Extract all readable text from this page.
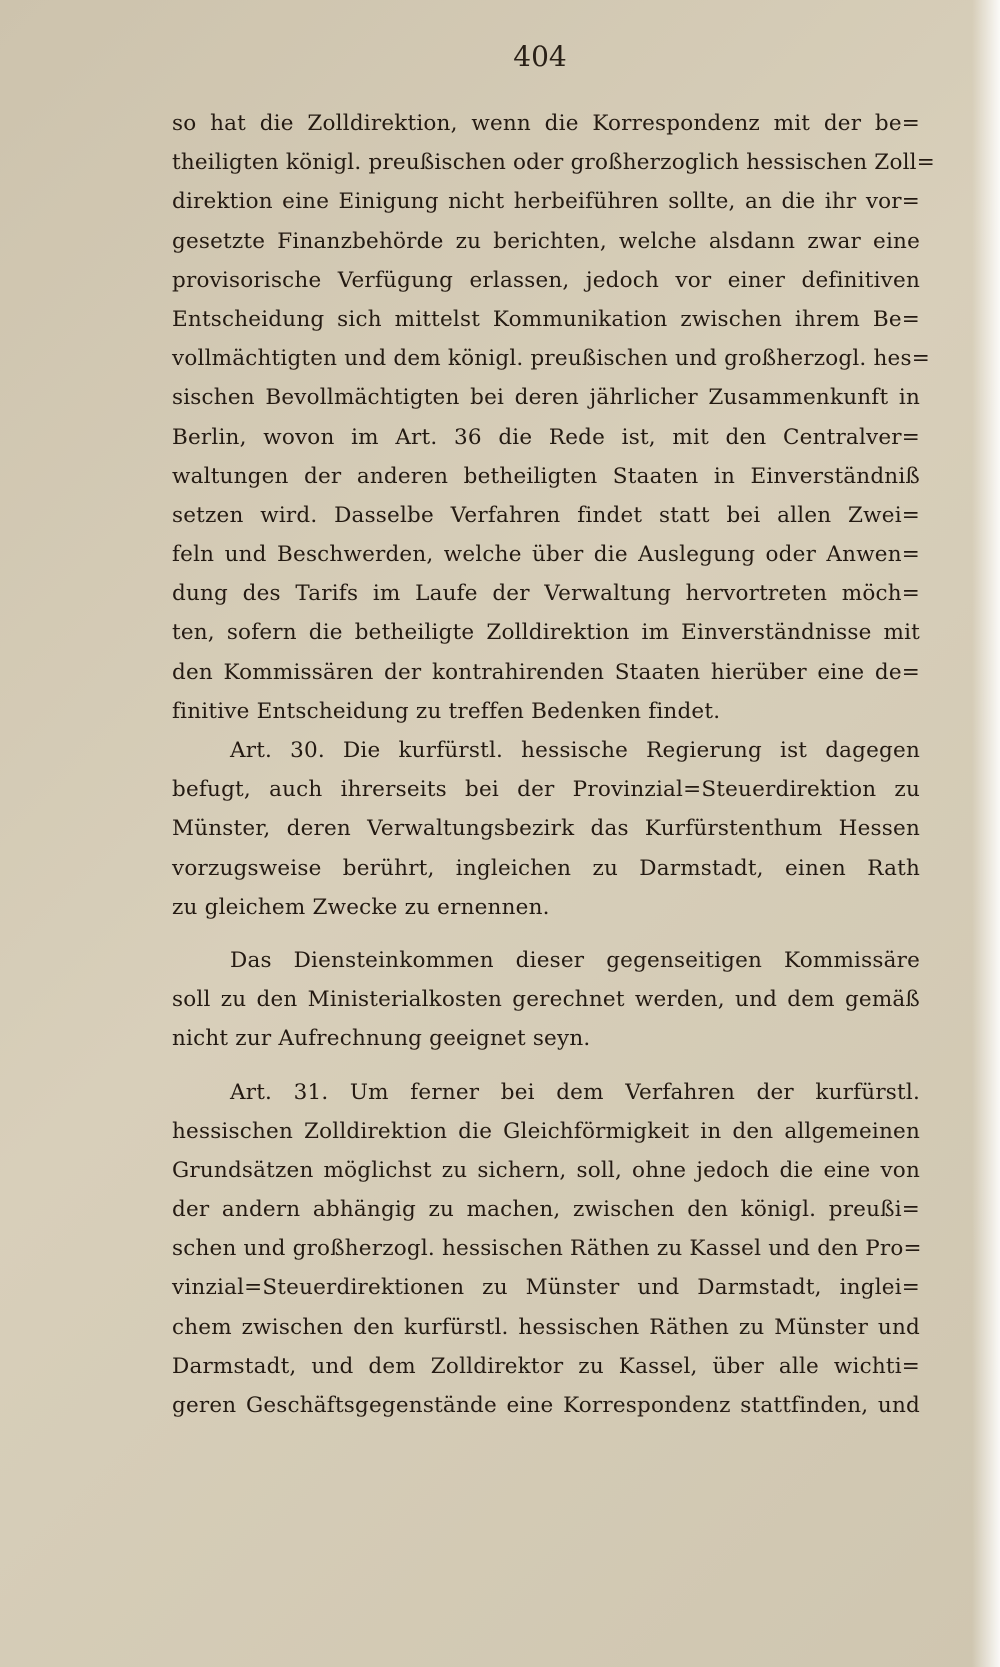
404
so hat die Zolldirektion, wenn die Korrespondenz mit der be=
theiligten königl. preußischen oder großherzoglich hessischen Zoll=
direktion eine Einigung nicht herbeiführen sollte, an die ihr vor=
gesetzte Finanzbehörde zu berichten, welche alsdann zwar eine
provisorische Verfügung erlassen, jedoch vor einer definitiven
Entscheidung sich mittelst Kommunikation zwischen ihrem Be=
vollmächtigten und dem königl. preußischen und großherzogl. hes=
sischen Bevollmächtigten bei deren jährlicher Zusammenkunft in
Berlin, wovon im Art. 36 die Rede ist, mit den Centralver=
waltungen der anderen betheiligten Staaten in Einverständniß
setzen wird. Dasselbe Verfahren findet statt bei allen Zwei=
feln und Beschwerden, welche über die Auslegung oder Anwen=
dung des Tarifs im Laufe der Verwaltung hervortreten möch=
ten, sofern die betheiligte Zolldirektion im Einverständnisse mit
den Kommissären der kontrahirenden Staaten hierüber eine de=
finitive Entscheidung zu treffen Bedenken findet.
Art. 30. Die kurfürstl. hessische Regierung ist dagegen
befugt, auch ihrerseits bei der Provinzial=Steuerdirektion zu
Münster, deren Verwaltungsbezirk das Kurfürstenthum Hessen
vorzugsweise berührt, ingleichen zu Darmstadt, einen Rath
zu gleichem Zwecke zu ernennen.
Das Diensteinkommen dieser gegenseitigen Kommissäre
soll zu den Ministerialkosten gerechnet werden, und dem gemäß
nicht zur Aufrechnung geeignet seyn.
Art. 31. Um ferner bei dem Verfahren der kurfürstl.
hessischen Zolldirektion die Gleichförmigkeit in den allgemeinen
Grundsätzen möglichst zu sichern, soll, ohne jedoch die eine von
der andern abhängig zu machen, zwischen den königl. preußi=
schen und großherzogl. hessischen Räthen zu Kassel und den Pro=
vinzial=Steuerdirektionen zu Münster und Darmstadt, inglei=
chem zwischen den kurfürstl. hessischen Räthen zu Münster und
Darmstadt, und dem Zolldirektor zu Kassel, über alle wichti=
geren Geschäftsgegenstände eine Korrespondenz stattfinden, und
